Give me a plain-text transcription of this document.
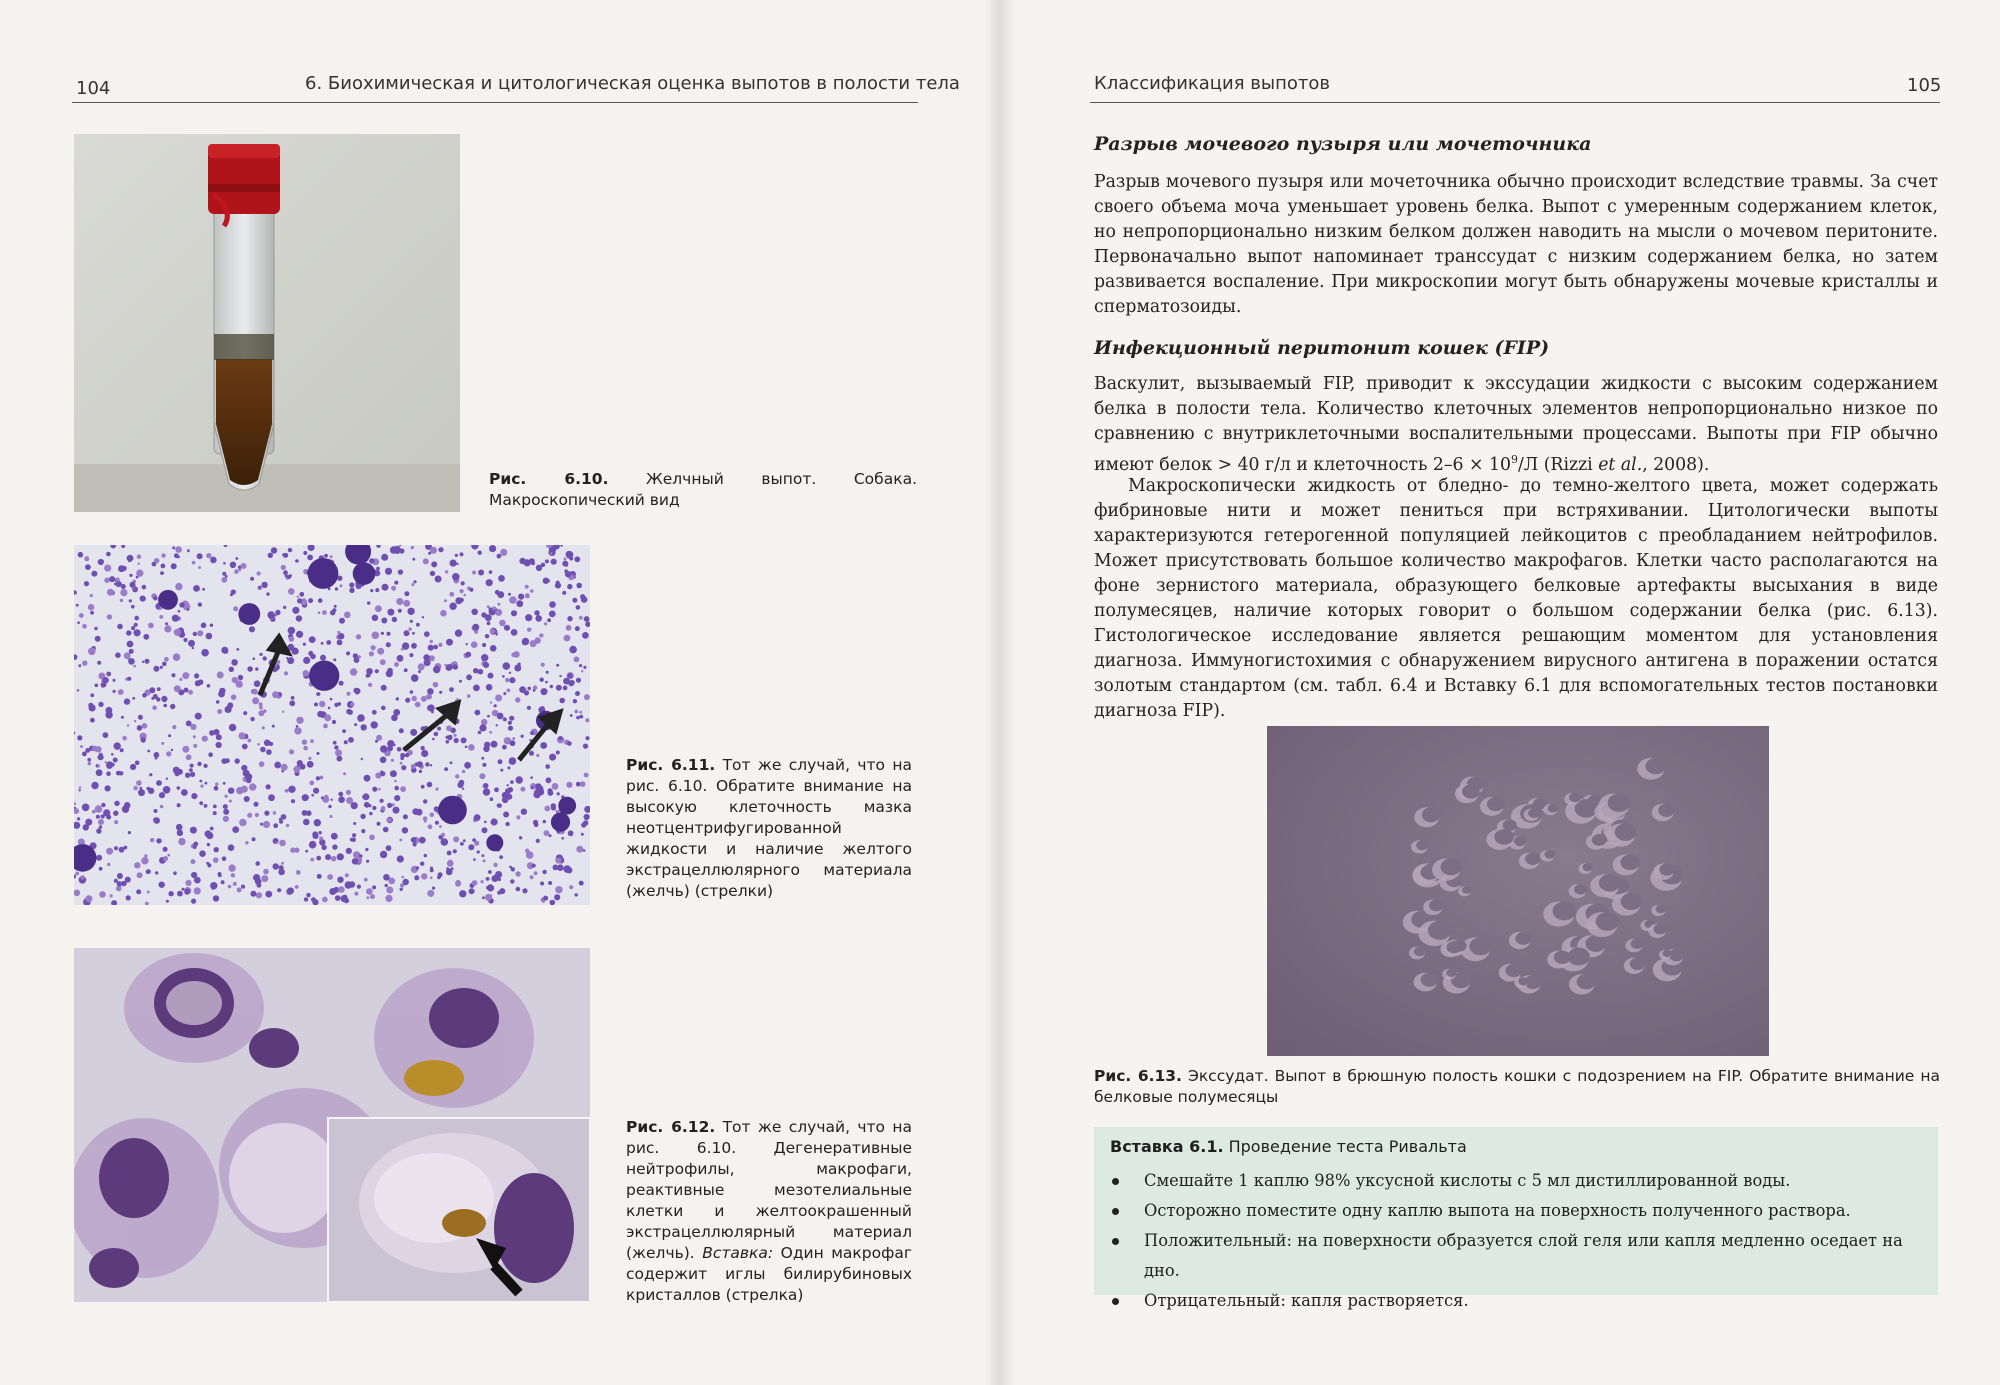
104	6. Биохимическая и цитологическая оценка выпотов в полости тела
Рис. 6.10. Желчный выпот. Собака. Макроскопический вид
Рис. 6.11. Тот же случай, что на рис. 6.10. Обратите внимание на высокую клеточность мазка неотцентрифугированной жидкости и наличие желтого экстрацеллюлярного материала (желчь) (стрелки)
Рис. 6.12. Тот же случай, что на рис. 6.10. Дегенеративные нейтрофилы, макрофаги, реактивные мезотелиальные клетки и желтоокрашенный экстрацеллюлярный материал (желчь). Вставка: Один макрофаг содержит иглы билирубиновых кристаллов (стрелка)
Классификация выпотов	105
Разрыв мочевого пузыря или мочеточника
Разрыв мочевого пузыря или мочеточника обычно происходит вследствие травмы. За счет своего объема моча уменьшает уровень белка. Выпот с умеренным содержанием клеток, но непропорционально низким белком должен наводить на мысли о мочевом перитоните. Первоначально выпот напоминает транссудат с низким содержанием белка, но затем развивается воспаление. При микроскопии могут быть обнаружены мочевые кристаллы и сперматозоиды.
Инфекционный перитонит кошек (FIP)
Васкулит, вызываемый FIP, приводит к экссудации жидкости с высоким содержанием белка в полости тела. Количество клеточных элементов непропорционально низкое по сравнению с внутриклеточными воспалительными процессами. Выпоты при FIP обычно имеют белок > 40 г/л и клеточность $2-6 \times 10^9/Л$ (Rizzi et al., 2008).
Макроскопически жидкость от бледно- до темно-желтого цвета, может содержать фибриновые нити и может пениться при встряхивании. Цитологически выпоты характеризуются гетерогенной популяцией лейкоцитов с преобладанием нейтрофилов. Может присутствовать большое количество макрофагов. Клетки часто располагаются на фоне зернистого материала, образующего белковые артефакты высыхания в виде полумесяцев, наличие которых говорит о большом содержании белка (рис. 6.13). Гистологическое исследование является решающим моментом для установления диагноза. Иммуногистохимия с обнаружением вирусного антигена в поражении остатся золотым стандартом (см. табл. 6.4 и Вставку 6.1 для вспомогательных тестов постановки диагноза FIP).
Рис. 6.13. Экссудат. Выпот в брюшную полость кошки с подозрением на FIP. Обратите внимание на белковые полумесяцы
Вставка 6.1. Проведение теста Ривальта
Смешайте 1 каплю 98% уксусной кислоты с 5 мл дистиллированной воды.
Осторожно поместите одну каплю выпота на поверхность полученного раствора.
Положительный: на поверхности образуется слой геля или капля медленно оседает на дно.
Отрицательный: капля растворяется.
